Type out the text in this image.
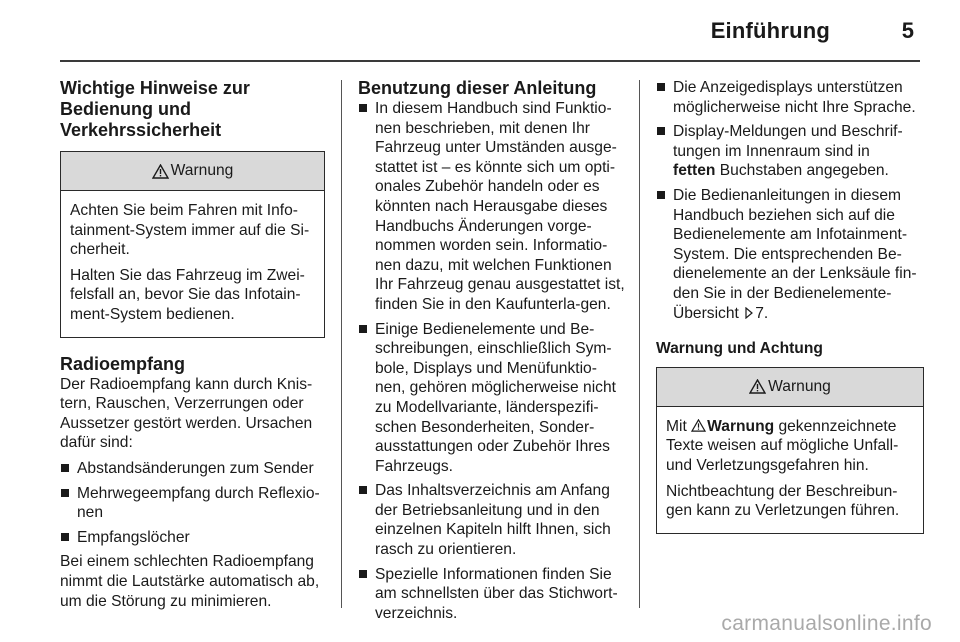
Einführung	5
Wichtige Hinweise zur Bedienung und Verkehrssicherheit
Warnung

Achten Sie beim Fahren mit Info-tainment-System immer auf die Si-cherheit.

Halten Sie das Fahrzeug im Zwei-felsfall an, bevor Sie das Infotain-ment-System bedienen.

Radioempfang

Der Radioempfang kann durch Knis-tern, Rauschen, Verzerrungen oder Aussetzer gestört werden. Ursachen dafür sind:

Abstandsänderungen zum Sender
Mehrwegeempfang durch Reflexio-nen
Empfangslöcher

Bei einem schlechten Radioempfang nimmt die Lautstärke automatisch ab, um die Störung zu minimieren.

Benutzung dieser Anleitung
In diesem Handbuch sind Funktio-nen beschrieben, mit denen Ihr Fahrzeug unter Umständen ausge-stattet ist – es könnte sich um opti-onales Zubehör handeln oder es könnten nach Herausgabe dieses Handbuchs Änderungen vorge-nommen worden sein. Informatio-nen dazu, mit welchen Funktionen Ihr Fahrzeug genau ausgestattet ist, finden Sie in den Kaufunterla-gen.
Einige Bedienelemente und Be-schreibungen, einschließlich Sym-bole, Displays und Menüfunktio-nen, gehören möglicherweise nicht zu Modellvariante, länderspezifi-schen Besonderheiten, Sonder-ausstattungen oder Zubehör Ihres Fahrzeugs.
Das Inhaltsverzeichnis am Anfang der Betriebsanleitung und in den einzelnen Kapiteln hilft Ihnen, sich rasch zu orientieren.
Spezielle Informationen finden Sie am schnellsten über das Stichwort-verzeichnis.
Die Anzeigedisplays unterstützen möglicherweise nicht Ihre Sprache.
Display-Meldungen und Beschrif-tungen im Innenraum sind in
fetten Buchstaben angegeben.
Die Bedienanleitungen in diesem Handbuch beziehen sich auf die Bedienelemente am Infotainment-System. Die entsprechenden Be-dienelemente an der Lenksäule fin-den Sie in der Bedienelemente-Übersicht 7.
Warnung und Achtung
Warnung

Mit Warnung gekennzeichnete Texte weisen auf mögliche Unfall- und Verletzungsgefahren hin.

Nichtbeachtung der Beschreibun-gen kann zu Verletzungen führen.

carmanualsonline.info
